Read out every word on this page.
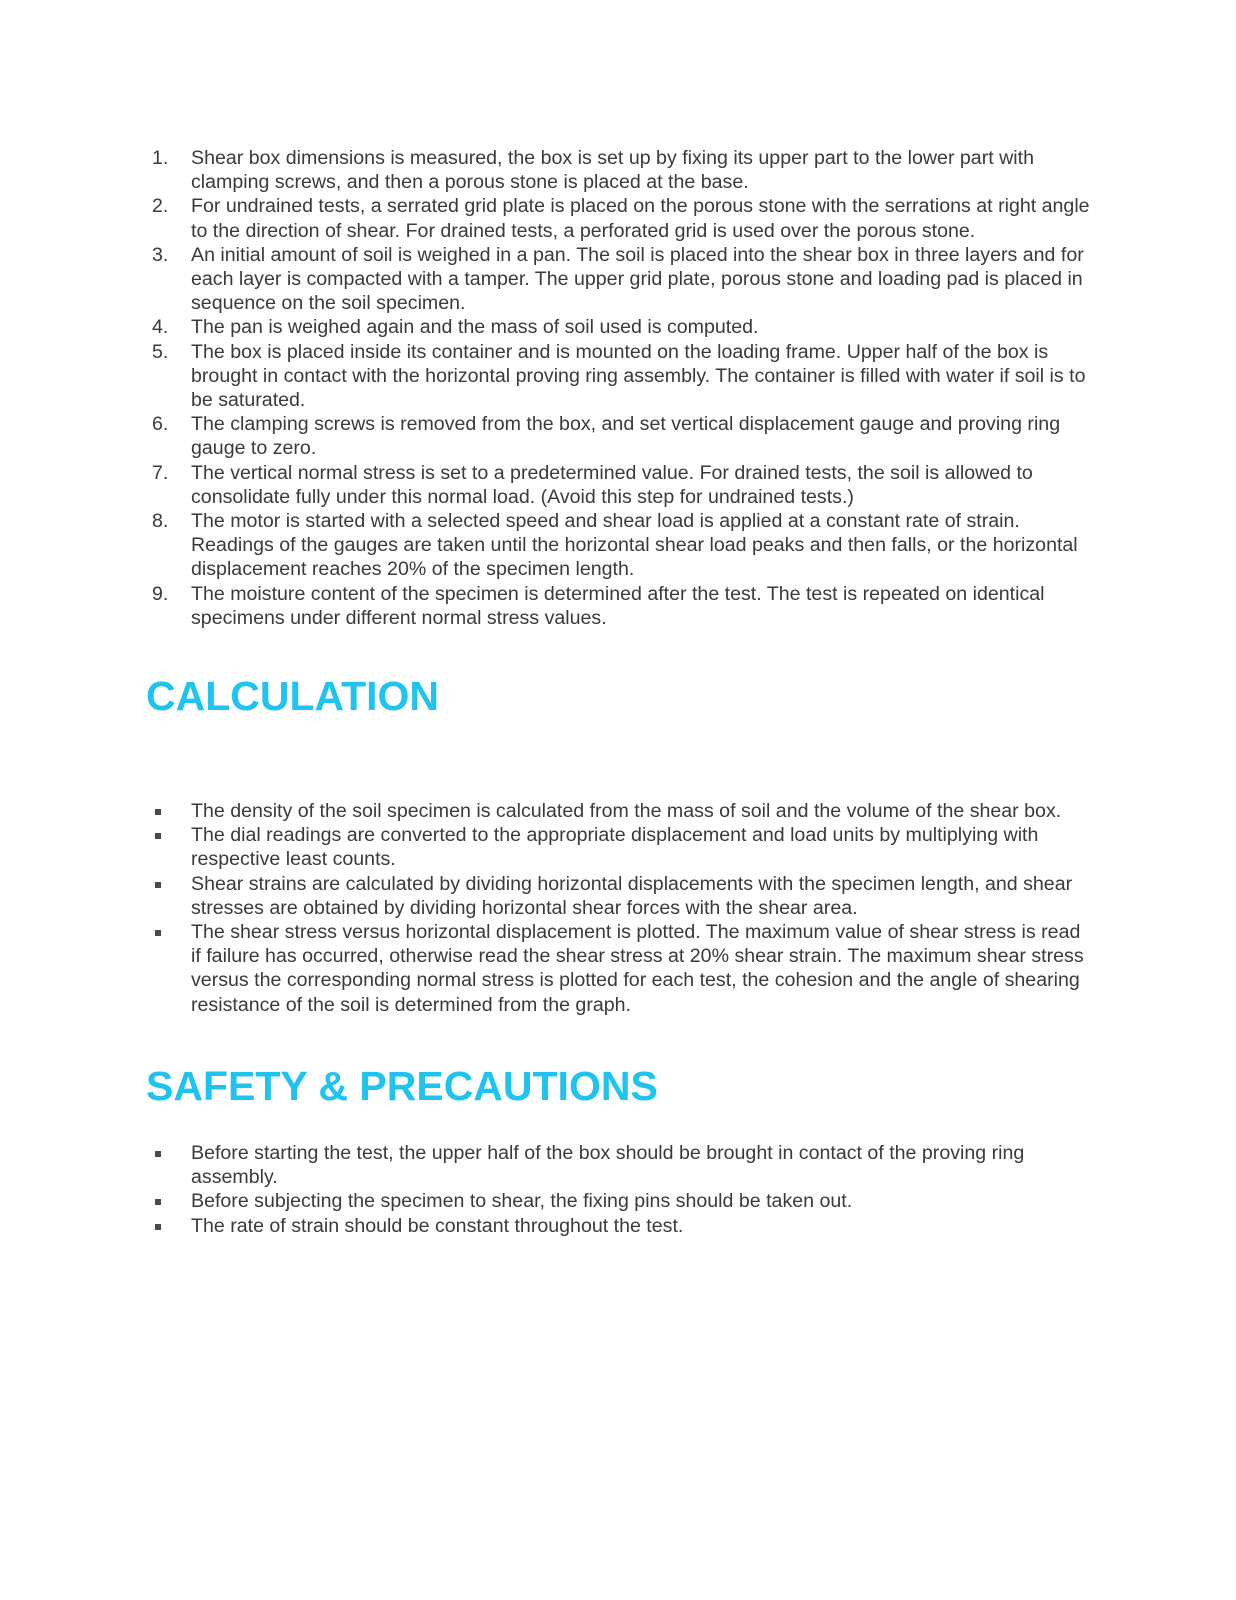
1. Shear box dimensions is measured, the box is set up by fixing its upper part to the lower part with clamping screws, and then a porous stone is placed at the base.
2. For undrained tests, a serrated grid plate is placed on the porous stone with the serrations at right angle to the direction of shear. For drained tests, a perforated grid is used over the porous stone.
3. An initial amount of soil is weighed in a pan. The soil is placed into the shear box in three layers and for each layer is compacted with a tamper. The upper grid plate, porous stone and loading pad is placed in sequence on the soil specimen.
4. The pan is weighed again and the mass of soil used is computed.
5. The box is placed inside its container and is mounted on the loading frame. Upper half of the box is brought in contact with the horizontal proving ring assembly. The container is filled with water if soil is to be saturated.
6. The clamping screws is removed from the box, and set vertical displacement gauge and proving ring gauge to zero.
7. The vertical normal stress is set to a predetermined value. For drained tests, the soil is allowed to consolidate fully under this normal load. (Avoid this step for undrained tests.)
8. The motor is started with a selected speed and shear load is applied at a constant rate of strain. Readings of the gauges are taken until the horizontal shear load peaks and then falls, or the horizontal displacement reaches 20% of the specimen length.
9. The moisture content of the specimen is determined after the test. The test is repeated on identical specimens under different normal stress values.
CALCULATION
The density of the soil specimen is calculated from the mass of soil and the volume of the shear box.
The dial readings are converted to the appropriate displacement and load units by multiplying with respective least counts.
Shear strains are calculated by dividing horizontal displacements with the specimen length, and shear stresses are obtained by dividing horizontal shear forces with the shear area.
The shear stress versus horizontal displacement is plotted. The maximum value of shear stress is read if failure has occurred, otherwise read the shear stress at 20% shear strain. The maximum shear stress versus the corresponding normal stress is plotted for each test, the cohesion and the angle of shearing resistance of the soil is determined from the graph.
SAFETY & PRECAUTIONS
Before starting the test, the upper half of the box should be brought in contact of the proving ring assembly.
Before subjecting the specimen to shear, the fixing pins should be taken out.
The rate of strain should be constant throughout the test.
